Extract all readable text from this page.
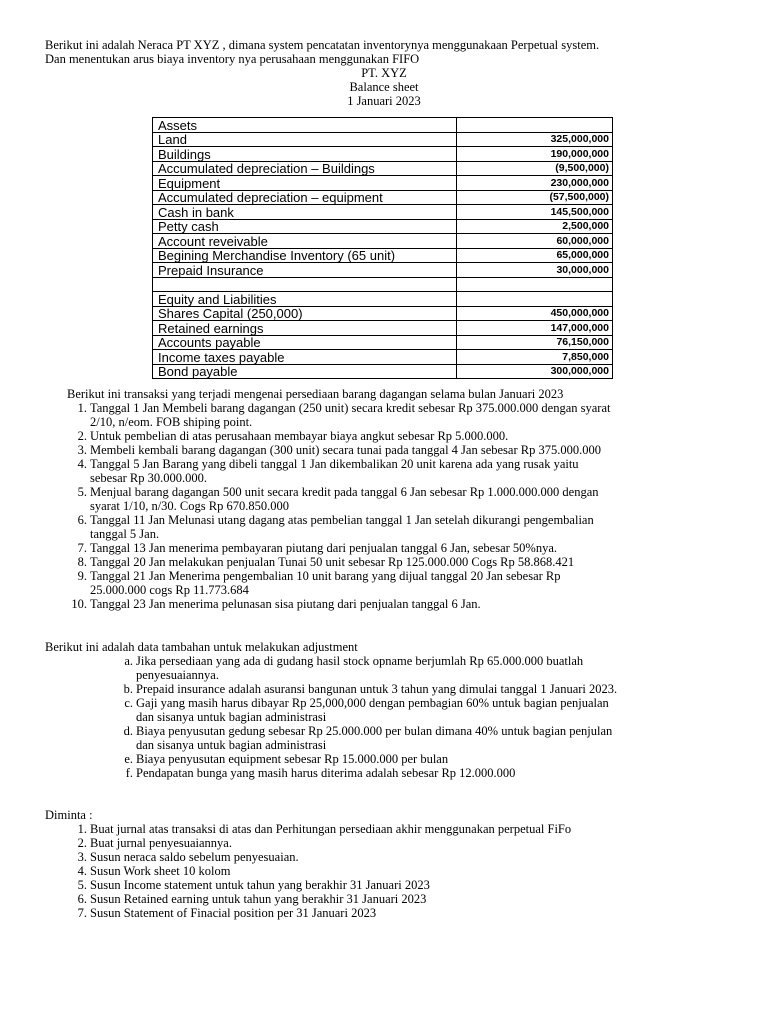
Berikut ini adalah Neraca PT XYZ , dimana system pencatatan inventorynya menggunakaan Perpetual system.
Dan menentukan arus biaya inventory nya perusahaan menggunakan FIFO
PT. XYZ
Balance sheet
1 Januari 2023
Assets	
Land	325,000,000
Buildings	190,000,000
Accumulated depreciation – Buildings	(9,500,000)
Equipment	230,000,000
Accumulated depreciation – equipment	(57,500,000)
Cash in bank	145,500,000
Petty cash	2,500,000
Account reveivable	60,000,000
Begining Merchandise Inventory (65 unit)	65,000,000
Prepaid Insurance	30,000,000

Equity and Liabilities	
Shares Capital (250,000)	450,000,000
Retained earnings	147,000,000
Accounts payable	76,150,000
Income taxes payable	7,850,000
Bond payable	300,000,000
Berikut ini transaksi yang terjadi mengenai persediaan barang dagangan selama bulan Januari 2023
1. Tanggal 1 Jan Membeli barang dagangan (250 unit) secara kredit sebesar Rp 375.000.000 dengan syarat
2/10, n/eom. FOB shiping point.
2. Untuk pembelian di atas perusahaan membayar biaya angkut sebesar Rp 5.000.000.
3. Membeli kembali barang dagangan (300 unit) secara tunai pada tanggal 4 Jan sebesar Rp 375.000.000
4. Tanggal 5 Jan Barang yang dibeli tanggal 1 Jan dikembalikan 20 unit karena ada yang rusak yaitu
sebesar Rp 30.000.000.
5. Menjual barang dagangan 500 unit secara kredit pada tanggal 6 Jan sebesar Rp 1.000.000.000 dengan
syarat 1/10, n/30. Cogs Rp 670.850.000
6. Tanggal 11 Jan Melunasi utang dagang atas pembelian tanggal 1 Jan setelah dikurangi pengembalian
tanggal 5 Jan.
7. Tanggal 13 Jan menerima pembayaran piutang dari penjualan tanggal 6 Jan, sebesar 50%nya.
8. Tanggal 20 Jan melakukan penjualan Tunai 50 unit sebesar Rp 125.000.000 Cogs Rp 58.868.421
9. Tanggal 21 Jan Menerima pengembalian 10 unit barang yang dijual tanggal 20 Jan sebesar Rp
25.000.000 cogs Rp 11.773.684
10. Tanggal 23 Jan menerima pelunasan sisa piutang dari penjualan tanggal 6 Jan.
Berikut ini adalah data tambahan untuk melakukan adjustment
a. Jika persediaan yang ada di gudang hasil stock opname berjumlah Rp 65.000.000 buatlah
penyesuaiannya.
b. Prepaid insurance adalah asuransi bangunan untuk 3 tahun yang dimulai tanggal 1 Januari 2023.
c. Gaji yang masih harus dibayar Rp 25,000,000 dengan pembagian 60% untuk bagian penjualan
dan sisanya untuk bagian administrasi
d. Biaya penyusutan gedung sebesar Rp 25.000.000 per bulan dimana 40% untuk bagian penjulan
dan sisanya untuk bagian administrasi
e. Biaya penyusutan equipment sebesar Rp 15.000.000 per bulan
f. Pendapatan bunga yang masih harus diterima adalah sebesar Rp 12.000.000
Diminta :
1. Buat jurnal atas transaksi di atas dan Perhitungan persediaan akhir menggunakan perpetual FiFo
2. Buat jurnal penyesuaiannya.
3. Susun neraca saldo sebelum penyesuaian.
4. Susun Work sheet 10 kolom
5. Susun Income statement untuk tahun yang berakhir 31 Januari 2023
6. Susun Retained earning untuk tahun yang berakhir 31 Januari 2023
7. Susun Statement of Finacial position per 31 Januari 2023
